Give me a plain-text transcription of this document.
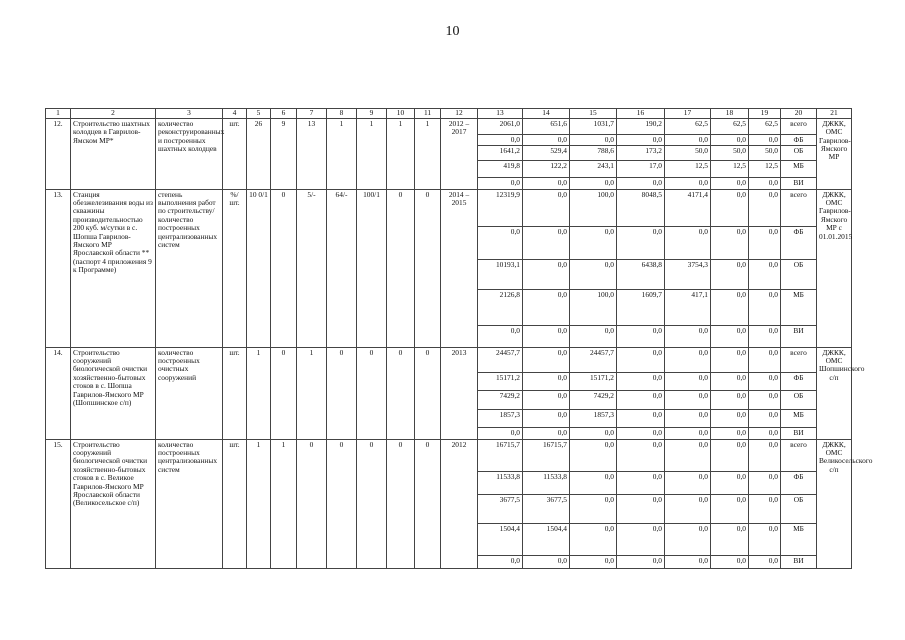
10
1	2	3	4	5	6	7	8	9	10	11	12	13	14	15	16	17	18	19	20	21
12.	Строительство шахтных колодцев в Гаврилов-Ямском МР*	количество реконструированных и построенных шахтных колодцев	шт.	26	9	13	1	1	1	1	2012 – 2017	2061,0	651,6	1031,7	190,2	62,5	62,5	62,5	всего	ДЖКК, ОМС Гаврилов-Ямского МР
												0,0	0,0	0,0	0,0	0,0	0,0	0,0	ФБ	
												1641,2	529,4	788,6	173,2	50,0	50,0	50,0	ОБ	
												419,8	122,2	243,1	17,0	12,5	12,5	12,5	МБ	
												0,0	0,0	0,0	0,0	0,0	0,0	0,0	ВИ	
13.	Станция обезжелезивания воды из скважины производительностью 200 куб. м/сутки в с. Шопша Гаврилов-Ямского МР Ярославской области ** (паспорт 4 приложения 9 к Программе)	степень выполнения работ по строительству/ количество построенных централизованных систем	%/ шт.	10 0/1	0	5/-	64/-	100/1	0	0	2014 – 2015	12319,9	0,0	100,0	8048,5	4171,4	0,0	0,0	всего	ДЖКК, ОМС Гаврилов-Ямского МР с 01.01.2015
												0,0	0,0	0,0	0,0	0,0	0,0	0,0	ФБ	
												10193,1	0,0	0,0	6438,8	3754,3	0,0	0,0	ОБ	
												2126,8	0,0	100,0	1609,7	417,1	0,0	0,0	МБ	
												0,0	0,0	0,0	0,0	0,0	0,0	0,0	ВИ	
14.	Строительство сооружений биологической очистки хозяйственно-бытовых стоков в с. Шопша Гаврилов-Ямского МР (Шопшинское с/п)	количество построенных очистных сооружений	шт.	1	0	1	0	0	0	0	2013	24457,7	0,0	24457,7	0,0	0,0	0,0	0,0	всего	ДЖКК, ОМС Шопшинского с/п
												15171,2	0,0	15171,2	0,0	0,0	0,0	0,0	ФБ	
												7429,2	0,0	7429,2	0,0	0,0	0,0	0,0	ОБ	
												1857,3	0,0	1857,3	0,0	0,0	0,0	0,0	МБ	
												0,0	0,0	0,0	0,0	0,0	0,0	0,0	ВИ	
15.	Строительство сооружений биологической очистки хозяйственно-бытовых стоков в с. Великое Гаврилов-Ямского МР Ярославской области (Великосельское с/п)	количество построенных централизованных систем	шт.	1	1	0	0	0	0	0	2012	16715,7	16715,7	0,0	0,0	0,0	0,0	0,0	всего	ДЖКК, ОМС Великосельского с/п
												11533,8	11533,8	0,0	0,0	0,0	0,0	0,0	ФБ	
												3677,5	3677,5	0,0	0,0	0,0	0,0	0,0	ОБ	
												1504,4	1504,4	0,0	0,0	0,0	0,0	0,0	МБ	
												0,0	0,0	0,0	0,0	0,0	0,0	0,0	ВИ	
